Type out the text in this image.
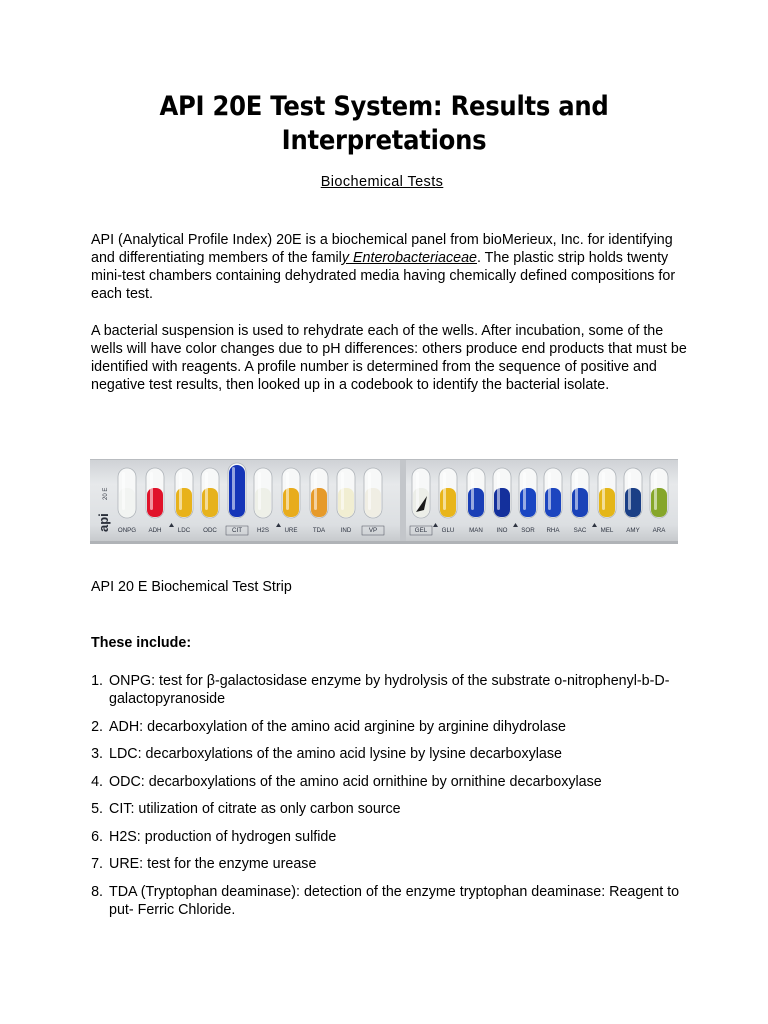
API 20E Test System: Results and Interpretations
Biochemical Tests

API (Analytical Profile Index) 20E is a biochemical panel from bioMerieux, Inc. for identifying and differentiating members of the family Enterobacteriaceae. The plastic strip holds twenty mini-test chambers containing dehydrated media having chemically defined compositions for each test.

A bacterial suspension is used to rehydrate each of the wells. After incubation, some of the wells will have color changes due to pH differences: others produce end products that must be identified with reagents. A profile number is determined from the sequence of positive and negative test results, then looked up in a codebook to identify the bacterial isolate.

api
20 E
ONPG ADH	LDC ODC CIT H2S URE TDA IND	VP	GEL GLU MAN INO SOR RHA SAC MEL AMY ARA
API 20 E Biochemical Test Strip
These include:
1. ONPG: test for β-galactosidase enzyme by hydrolysis of the substrate o-nitrophenyl-b-D-galactopyranoside
2. ADH: decarboxylation of the amino acid arginine by arginine dihydrolase
3. LDC: decarboxylations of the amino acid lysine by lysine decarboxylase
4. ODC: decarboxylations of the amino acid ornithine by ornithine decarboxylase
5. CIT: utilization of citrate as only carbon source
6. H2S: production of hydrogen sulfide
7. URE: test for the enzyme urease
8. TDA (Tryptophan deaminase): detection of the enzyme tryptophan deaminase: Reagent to put- Ferric Chloride.
